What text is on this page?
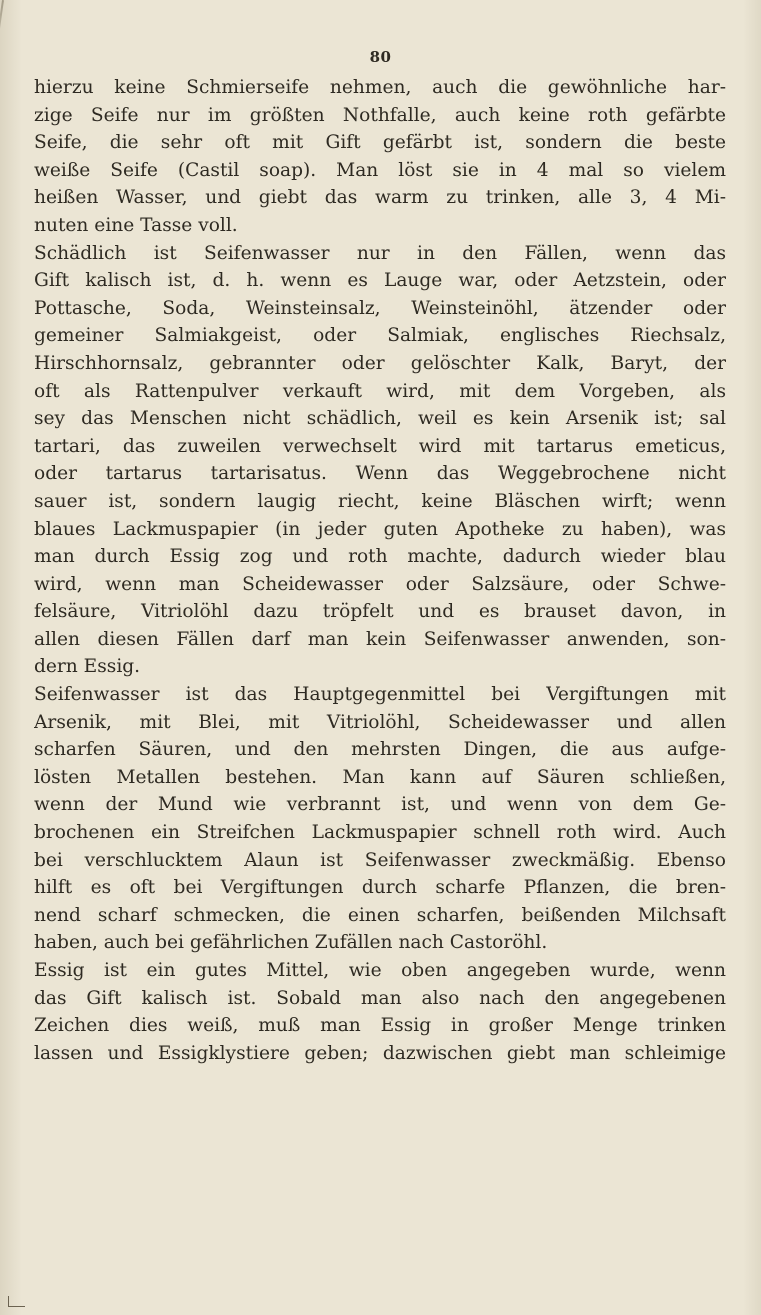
80
hierzu keine Schmierseife nehmen, auch die gewöhnliche har-
zige Seife nur im größten Nothfalle, auch keine roth gefärbte
Seife, die sehr oft mit Gift gefärbt ist, sondern die beste
weiße Seife (Castil soap). Man löst sie in 4 mal so vielem
heißen Wasser, und giebt das warm zu trinken, alle 3, 4 Mi-
nuten eine Tasse voll.
Schädlich ist Seifenwasser nur in den Fällen, wenn das
Gift kalisch ist, d. h. wenn es Lauge war, oder Aetzstein, oder
Pottasche, Soda, Weinsteinsalz, Weinsteinöhl, ätzender oder
gemeiner Salmiakgeist, oder Salmiak, englisches Riechsalz,
Hirschhornsalz, gebrannter oder gelöschter Kalk, Baryt, der
oft als Rattenpulver verkauft wird, mit dem Vorgeben, als
sey das Menschen nicht schädlich, weil es kein Arsenik ist; sal
tartari, das zuweilen verwechselt wird mit tartarus emeticus,
oder tartarus tartarisatus. Wenn das Weggebrochene nicht
sauer ist, sondern laugig riecht, keine Bläschen wirft; wenn
blaues Lackmuspapier (in jeder guten Apotheke zu haben), was
man durch Essig zog und roth machte, dadurch wieder blau
wird, wenn man Scheidewasser oder Salzsäure, oder Schwe-
felsäure, Vitriolöhl dazu tröpfelt und es brauset davon, in
allen diesen Fällen darf man kein Seifenwasser anwenden, son-
dern Essig.
Seifenwasser ist das Hauptgegenmittel bei Vergiftungen mit
Arsenik, mit Blei, mit Vitriolöhl, Scheidewasser und allen
scharfen Säuren, und den mehrsten Dingen, die aus aufge-
lösten Metallen bestehen. Man kann auf Säuren schließen,
wenn der Mund wie verbrannt ist, und wenn von dem Ge-
brochenen ein Streifchen Lackmuspapier schnell roth wird. Auch
bei verschlucktem Alaun ist Seifenwasser zweckmäßig. Ebenso
hilft es oft bei Vergiftungen durch scharfe Pflanzen, die bren-
nend scharf schmecken, die einen scharfen, beißenden Milchsaft
haben, auch bei gefährlichen Zufällen nach Castoröhl.
Essig ist ein gutes Mittel, wie oben angegeben wurde, wenn
das Gift kalisch ist. Sobald man also nach den angegebenen
Zeichen dies weiß, muß man Essig in großer Menge trinken
lassen und Essigklystiere geben; dazwischen giebt man schleimige
